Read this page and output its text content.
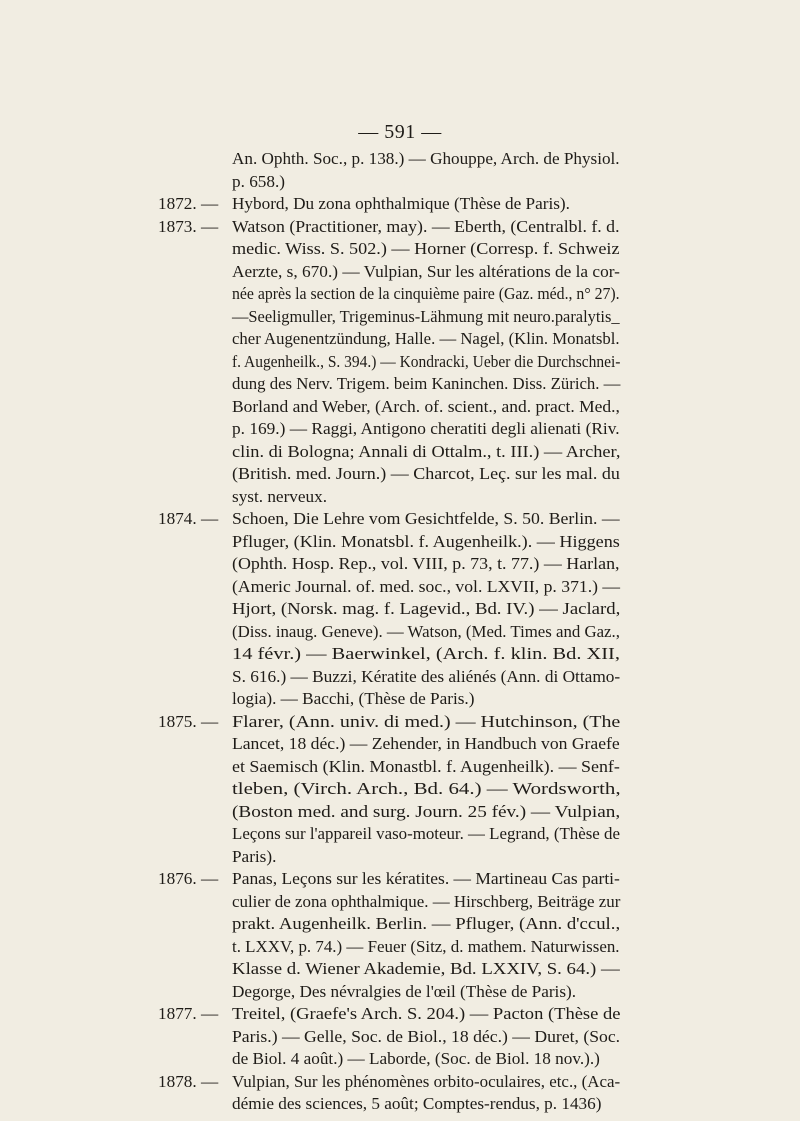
— 591 —
An. Ophth. Soc., p. 138.) — Ghouppe, Arch. de Physiol.
p. 658.)
1872. — Hybord, Du zona ophthalmique (Thèse de Paris).
1873. — Watson (Practitioner, may). — Eberth, (Centralbl. f. d.
medic. Wiss. S. 502.) — Horner (Corresp. f. Schweiz
Aerzte, s, 670.) — Vulpian, Sur les altérations de la cor-
née après la section de la cinquième paire (Gaz. méd., n° 27).
—Seeligmuller, Trigeminus-Lähmung mit neuro.paralytis_
cher Augenentzündung, Halle. — Nagel, (Klin. Monatsbl.
f. Augenheilk., S. 394.) — Kondracki, Ueber die Durchschnei-
dung des Nerv. Trigem. beim Kaninchen. Diss. Zürich. —
Borland and Weber, (Arch. of. scient., and. pract. Med.,
p. 169.) — Raggi, Antigono cheratiti degli alienati (Riv.
clin. di Bologna; Annali di Ottalm., t. III.) — Archer,
(British. med. Journ.) — Charcot, Leç. sur les mal. du
syst. nerveux.
1874. — Schoen, Die Lehre vom Gesichtfelde, S. 50. Berlin. —
Pfluger, (Klin. Monatsbl. f. Augenheilk.). — Higgens
(Ophth. Hosp. Rep., vol. VIII, p. 73, t. 77.) — Harlan,
(Americ Journal. of. med. soc., vol. LXVII, p. 371.) —
Hjort, (Norsk. mag. f. Lagevid., Bd. IV.) — Jaclard,
(Diss. inaug. Geneve). — Watson, (Med. Times and Gaz.,
14 févr.) — Baerwinkel, (Arch. f. klin. Bd. XII,
S. 616.) — Buzzi, Kératite des aliénés (Ann. di Ottamo-
logia). — Bacchi, (Thèse de Paris.)
1875. — Flarer, (Ann. univ. di med.) — Hutchinson, (The
Lancet, 18 déc.) — Zehender, in Handbuch von Graefe
et Saemisch (Klin. Monastbl. f. Augenheilk). — Senf-
tleben, (Virch. Arch., Bd. 64.) — Wordsworth,
(Boston med. and surg. Journ. 25 fév.) — Vulpian,
Leçons sur l'appareil vaso-moteur. — Legrand, (Thèse de
Paris).
1876. — Panas, Leçons sur les kératites. — Martineau Cas parti-
culier de zona ophthalmique. — Hirschberg, Beiträge zur
prakt. Augenheilk. Berlin. — Pfluger, (Ann. d'ccul.,
t. LXXV, p. 74.) — Feuer (Sitz, d. mathem. Naturwissen.
Klasse d. Wiener Akademie, Bd. LXXIV, S. 64.) —
Degorge, Des névralgies de l'œil (Thèse de Paris).
1877. — Treitel, (Graefe's Arch. S. 204.) — Pacton (Thèse de
Paris.) — Gelle, Soc. de Biol., 18 déc.) — Duret, (Soc.
de Biol. 4 août.) — Laborde, (Soc. de Biol. 18 nov.).)
1878. — Vulpian, Sur les phénomènes orbito-oculaires, etc., (Aca-
démie des sciences, 5 août; Comptes-rendus, p. 1436)
